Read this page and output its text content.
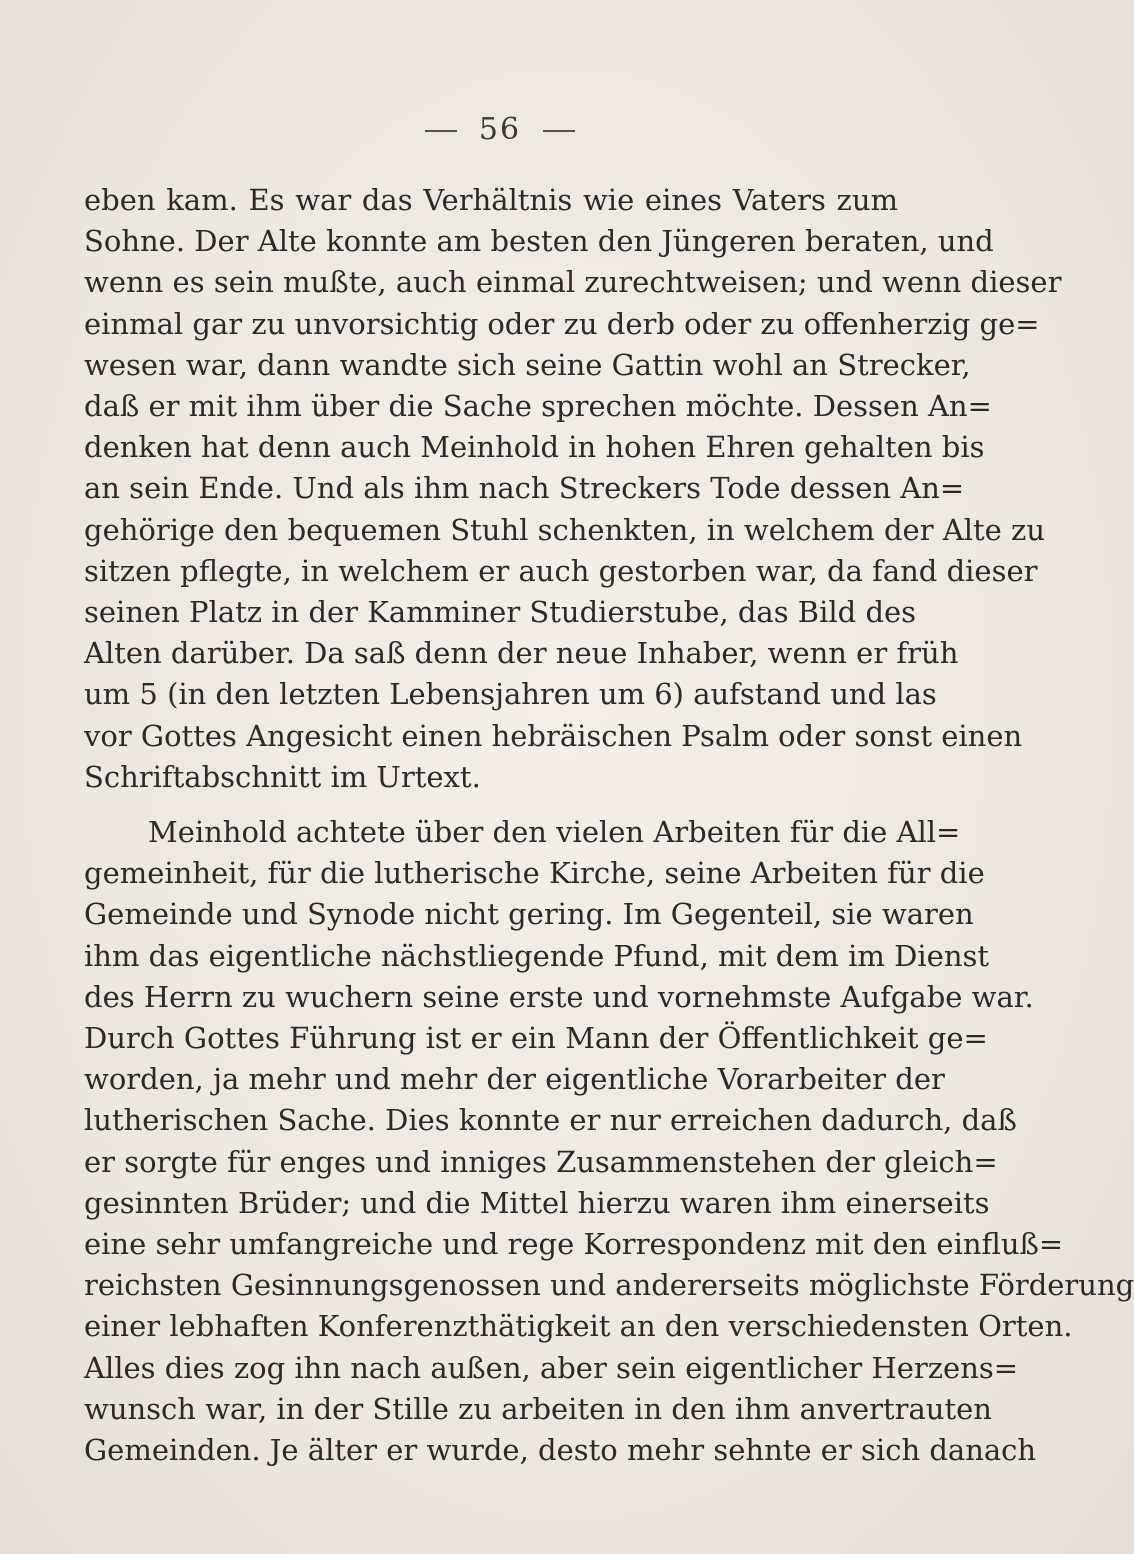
56
eben kam. Es war das Verhältnis wie eines Vaters zum
Sohne. Der Alte konnte am besten den Jüngeren beraten, und
wenn es sein mußte, auch einmal zurechtweisen; und wenn dieser
einmal gar zu unvorsichtig oder zu derb oder zu offenherzig ge=
wesen war, dann wandte sich seine Gattin wohl an Strecker,
daß er mit ihm über die Sache sprechen möchte. Dessen An=
denken hat denn auch Meinhold in hohen Ehren gehalten bis
an sein Ende. Und als ihm nach Streckers Tode dessen An=
gehörige den bequemen Stuhl schenkten, in welchem der Alte zu
sitzen pflegte, in welchem er auch gestorben war, da fand dieser
seinen Platz in der Kamminer Studierstube, das Bild des
Alten darüber. Da saß denn der neue Inhaber, wenn er früh
um 5 (in den letzten Lebensjahren um 6) aufstand und las
vor Gottes Angesicht einen hebräischen Psalm oder sonst einen
Schriftabschnitt im Urtext.
Meinhold achtete über den vielen Arbeiten für die All=
gemeinheit, für die lutherische Kirche, seine Arbeiten für die
Gemeinde und Synode nicht gering. Im Gegenteil, sie waren
ihm das eigentliche nächstliegende Pfund, mit dem im Dienst
des Herrn zu wuchern seine erste und vornehmste Aufgabe war.
Durch Gottes Führung ist er ein Mann der Öffentlichkeit ge=
worden, ja mehr und mehr der eigentliche Vorarbeiter der
lutherischen Sache. Dies konnte er nur erreichen dadurch, daß
er sorgte für enges und inniges Zusammenstehen der gleich=
gesinnten Brüder; und die Mittel hierzu waren ihm einerseits
eine sehr umfangreiche und rege Korrespondenz mit den einfluß=
reichsten Gesinnungsgenossen und andererseits möglichste Förderung
einer lebhaften Konferenzthätigkeit an den verschiedensten Orten.
Alles dies zog ihn nach außen, aber sein eigentlicher Herzens=
wunsch war, in der Stille zu arbeiten in den ihm anvertrauten
Gemeinden. Je älter er wurde, desto mehr sehnte er sich danach
